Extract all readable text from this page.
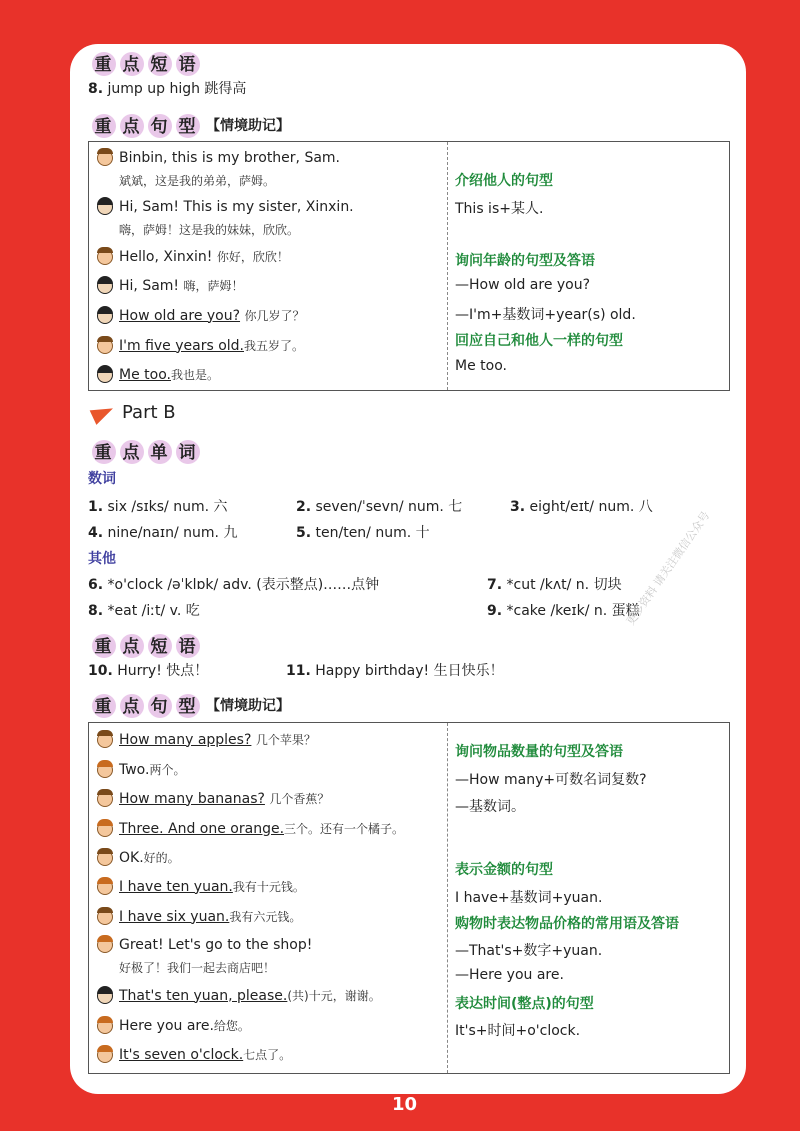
重 点 短 语
8. jump up high 跳得高
重 点 句 型 【情境助记】
Binbin, this is my brother, Sam.
斌斌，这是我的弟弟，萨姆。
Hi, Sam! This is my sister, Xinxin.
嗨，萨姆！这是我的妹妹，欣欣。
Hello, Xinxin!
你好，欣欣！
Hi, Sam!
嗨，萨姆！
How old are you?
你几岁了？
I'm five years old. 我五岁了。
Me too. 我也是。
介绍他人的句型
This is+某人.
询问年龄的句型及答语
—How old are you?
—I'm+基数词+year(s) old.
回应自己和他人一样的句型
Me too.
Part B
重 点 单 词
数词
1. six /sɪks/ num. 六	2. seven/ˈsevn/ num. 七	3. eight/eɪt/ num. 八
4. nine/naɪn/ num. 九	5. ten/ten/ num. 十
其他
6. *o'clock /əˈklɒk/ adv. (表示整点)……点钟	7. *cut /kʌt/ n. 切块
8. *eat /iːt/ v. 吃	9. *cake /keɪk/ n. 蛋糕
重 点 短 语
10. Hurry! 快点！	11. Happy birthday! 生日快乐！
重 点 句 型 【情境助记】
How many apples?
几个苹果？
Two. 两个。
How many bananas?
几个香蕉？
Three. And one orange. 三个。还有一个橘子。
OK. 好的。
I have ten yuan. 我有十元钱。
I have six yuan. 我有六元钱。
Great! Let's go to the shop!
好极了！我们一起去商店吧！
That's ten yuan, please. (共)十元，谢谢。
Here you are. 给您。
It's seven o'clock. 七点了。
询问物品数量的句型及答语
—How many+可数名词复数?
—基数词。
表示金额的句型
I have+基数词+yuan.
购物时表达物品价格的常用语及答语
—That's+数字+yuan.
—Here you are.
表达时间(整点)的句型
It's+时间+o'clock.
更多资料 请关注微信公众号
10
